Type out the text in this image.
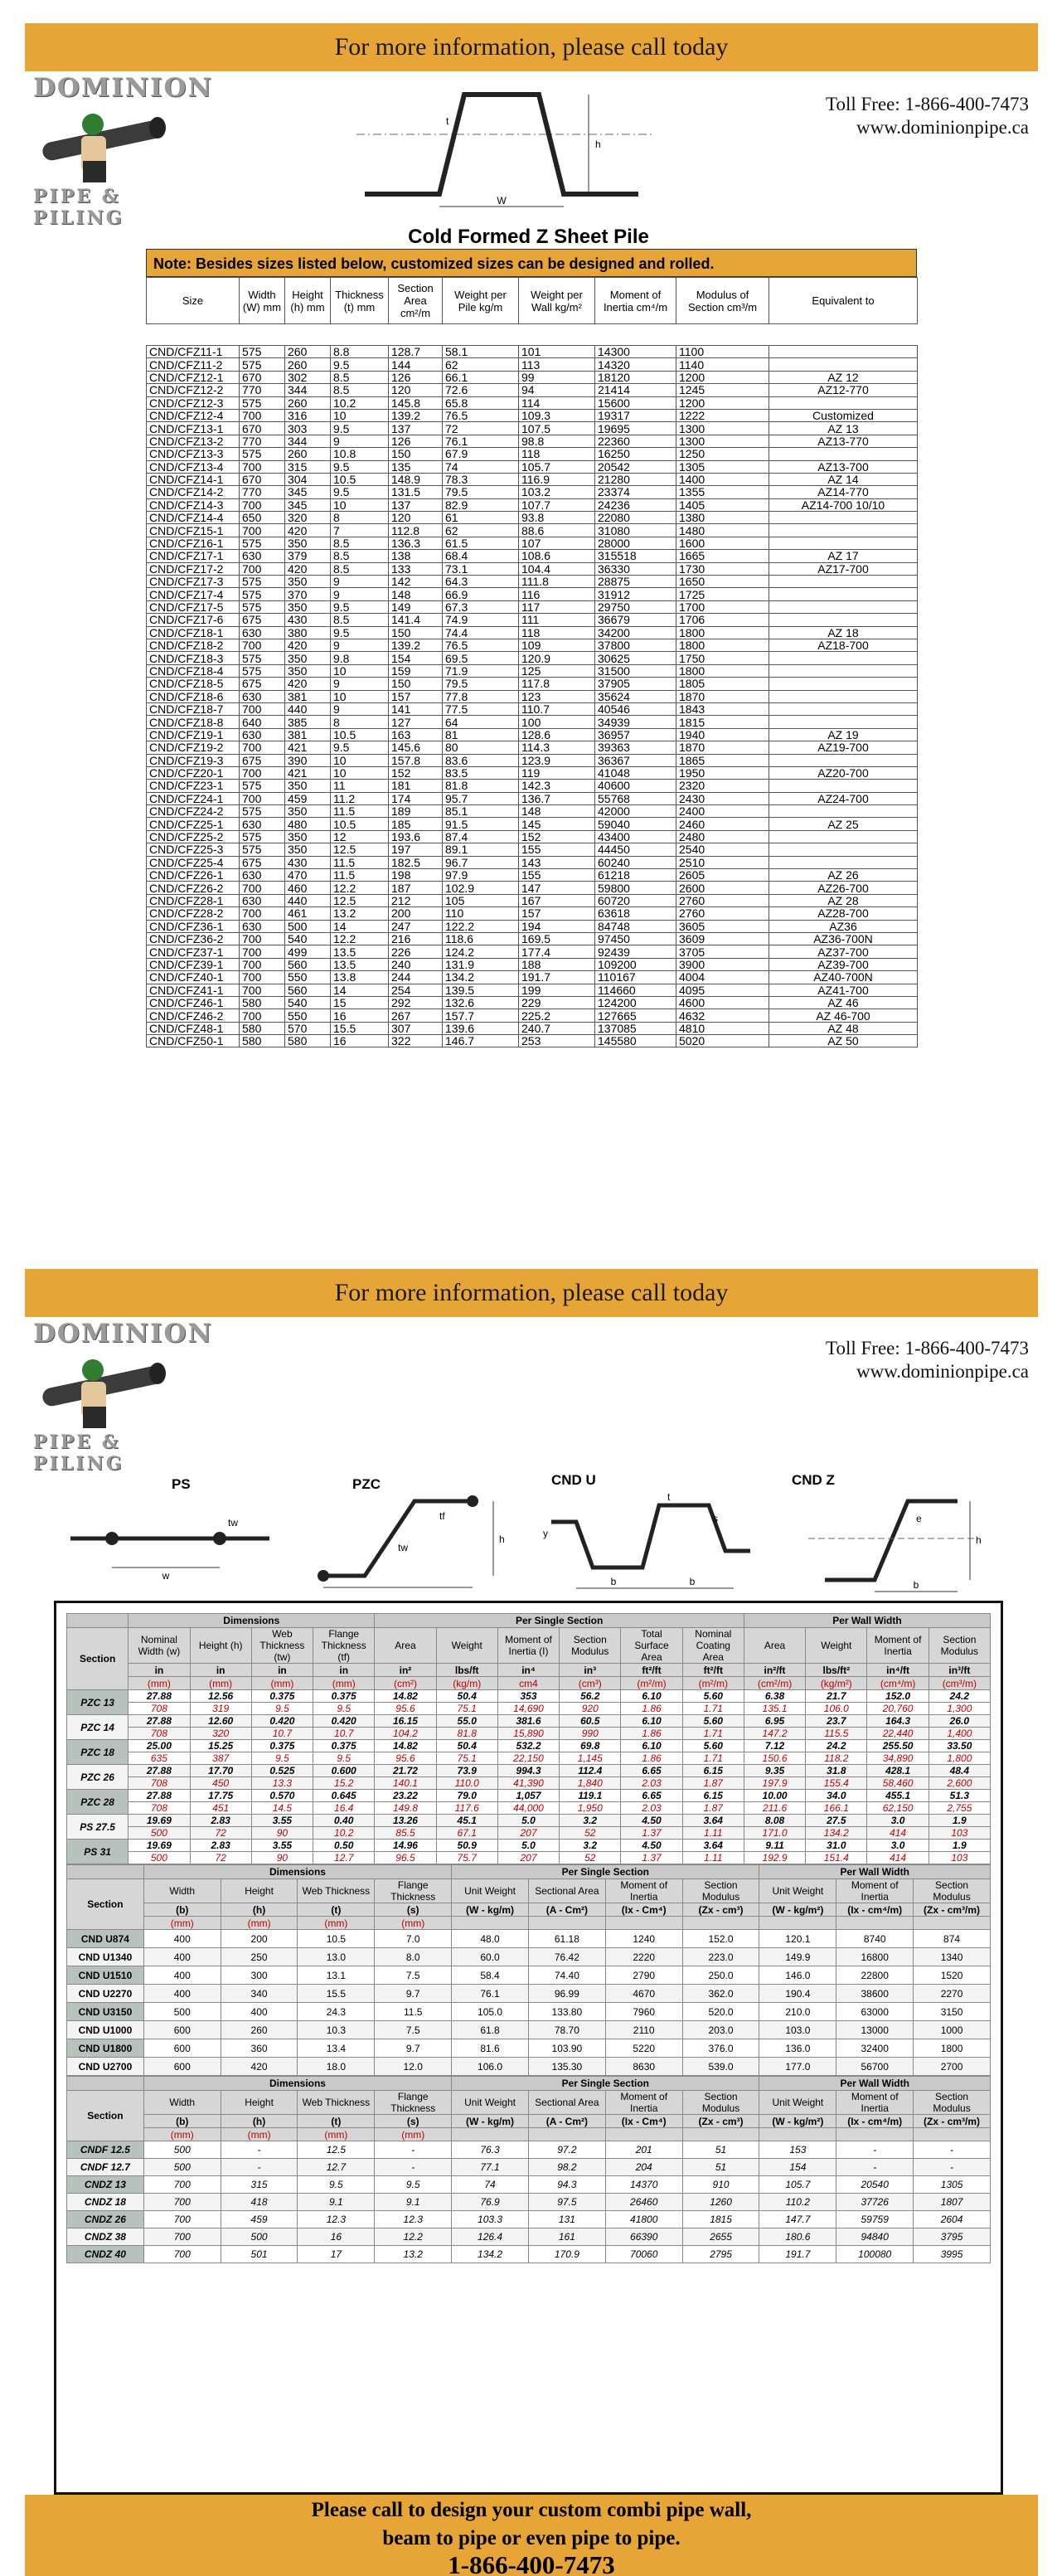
For more information, please call today
DOMINION
PIPE & PILING
Toll Free: 1-866-400-7473
www.dominionpipe.ca
W
h
t
Cold Formed Z Sheet Pile
Note: Besides sizes listed below, customized sizes can be designed and rolled.

Size	Width (W) mm	Height (h) mm	Thickness (t) mm	Section Area cm²/m	Weight per Pile kg/m	Weight per Wall kg/m²	Moment of Inertia cm⁴/m	Modulus of Section cm³/m	Equivalent to
CND/CFZ11-1	575	260	8.8	128.7	58.1	101	14300	1100	
CND/CFZ11-2	575	260	9.5	144	62	113	14320	1140	
CND/CFZ12-1	670	302	8.5	126	66.1	99	18120	1200	AZ 12
CND/CFZ12-2	770	344	8.5	120	72.6	94	21414	1245	AZ12-770
CND/CFZ12-3	575	260	10.2	145.8	65.8	114	15600	1200	
CND/CFZ12-4	700	316	10	139.2	76.5	109.3	19317	1222	Customized
CND/CFZ13-1	670	303	9.5	137	72	107.5	19695	1300	AZ 13
CND/CFZ13-2	770	344	9	126	76.1	98.8	22360	1300	AZ13-770
CND/CFZ13-3	575	260	10.8	150	67.9	118	16250	1250	
CND/CFZ13-4	700	315	9.5	135	74	105.7	20542	1305	AZ13-700
CND/CFZ14-1	670	304	10.5	148.9	78.3	116.9	21280	1400	AZ 14
CND/CFZ14-2	770	345	9.5	131.5	79.5	103.2	23374	1355	AZ14-770
CND/CFZ14-3	700	345	10	137	82.9	107.7	24236	1405	AZ14-700 10/10
CND/CFZ14-4	650	320	8	120	61	93.8	22080	1380	
CND/CFZ15-1	700	420	7	112.8	62	88.6	31080	1480	
CND/CFZ16-1	575	350	8.5	136.3	61.5	107	28000	1600	
CND/CFZ17-1	630	379	8.5	138	68.4	108.6	315518	1665	AZ 17
CND/CFZ17-2	700	420	8.5	133	73.1	104.4	36330	1730	AZ17-700
CND/CFZ17-3	575	350	9	142	64.3	111.8	28875	1650	
CND/CFZ17-4	575	370	9	148	66.9	116	31912	1725	
CND/CFZ17-5	575	350	9.5	149	67.3	117	29750	1700	
CND/CFZ17-6	675	430	8.5	141.4	74.9	111	36679	1706	
CND/CFZ18-1	630	380	9.5	150	74.4	118	34200	1800	AZ 18
CND/CFZ18-2	700	420	9	139.2	76.5	109	37800	1800	AZ18-700
CND/CFZ18-3	575	350	9.8	154	69.5	120.9	30625	1750	
CND/CFZ18-4	575	350	10	159	71.9	125	31500	1800	
CND/CFZ18-5	675	420	9	150	79.5	117.8	37905	1805	
CND/CFZ18-6	630	381	10	157	77.8	123	35624	1870	
CND/CFZ18-7	700	440	9	141	77.5	110.7	40546	1843	
CND/CFZ18-8	640	385	8	127	64	100	34939	1815	
CND/CFZ19-1	630	381	10.5	163	81	128.6	36957	1940	AZ 19
CND/CFZ19-2	700	421	9.5	145.6	80	114.3	39363	1870	AZ19-700
CND/CFZ19-3	675	390	10	157.8	83.6	123.9	36367	1865	
CND/CFZ20-1	700	421	10	152	83.5	119	41048	1950	AZ20-700
CND/CFZ23-1	575	350	11	181	81.8	142.3	40600	2320	
CND/CFZ24-1	700	459	11.2	174	95.7	136.7	55768	2430	AZ24-700
CND/CFZ24-2	575	350	11.5	189	85.1	148	42000	2400	
CND/CFZ25-1	630	480	10.5	185	91.5	145	59040	2460	AZ 25
CND/CFZ25-2	575	350	12	193.6	87.4	152	43400	2480	
CND/CFZ25-3	575	350	12.5	197	89.1	155	44450	2540	
CND/CFZ25-4	675	430	11.5	182.5	96.7	143	60240	2510	
CND/CFZ26-1	630	470	11.5	198	97.9	155	61218	2605	AZ 26
CND/CFZ26-2	700	460	12.2	187	102.9	147	59800	2600	AZ26-700
CND/CFZ28-1	630	440	12.5	212	105	167	60720	2760	AZ 28
CND/CFZ28-2	700	461	13.2	200	110	157	63618	2760	AZ28-700
CND/CFZ36-1	630	500	14	247	122.2	194	84748	3605	AZ36
CND/CFZ36-2	700	540	12.2	216	118.6	169.5	97450	3609	AZ36-700N
CND/CFZ37-1	700	499	13.5	226	124.2	177.4	92439	3705	AZ37-700
CND/CFZ39-1	700	560	13.5	240	131.9	188	109200	3900	AZ39-700
CND/CFZ40-1	700	550	13.8	244	134.2	191.7	110167	4004	AZ40-700N
CND/CFZ41-1	700	560	14	254	139.5	199	114660	4095	AZ41-700
CND/CFZ46-1	580	540	15	292	132.6	229	124200	4600	AZ 46
CND/CFZ46-2	700	550	16	267	157.7	225.2	127665	4632	AZ 46-700
CND/CFZ48-1	580	570	15.5	307	139.6	240.7	137085	4810	AZ 48
CND/CFZ50-1	580	580	16	322	146.7	253	145580	5020	AZ 50
For more information, please call today
DOMINION
PIPE & PILING
Toll Free: 1-866-400-7473
www.dominionpipe.ca
PS
w
tw
PZC
h
tw
tf
CND U
b	b
y
t
s
CND Z
h
e
b
	Dimensions				Per Single Section						Per Wall Width			
Section	Nominal Width (w)	Height (h)	Web Thickness (tw)	Flange Thickness (tf)	Area	Weight	Moment of Inertia (I)	Section Modulus	Total Surface Area	Nominal Coating Area	Area	Weight	Moment of Inertia	Section Modulus
	in	in	in	in	in²	lbs/ft	in⁴	in³	ft²/ft	ft²/ft	in²/ft	lbs/ft²	in⁴/ft	in³/ft
	(mm)	(mm)	(mm)	(mm)	(cm²)	(kg/m)	cm4	(cm³)	(m²/m)	(m²/m)	(cm²/m)	(kg/m²)	(cm⁴/m)	(cm³/m)
PZC 13	27.88	12.56	0.375	0.375	14.82	50.4	353	56.2	6.10	5.60	6.38	21.7	152.0	24.2
	708	319	9.5	9.5	95.6	75.1	14,690	920	1.86	1.71	135.1	106.0	20,760	1,300
PZC 14	27.88	12.60	0.420	0.420	16.15	55.0	381.6	60.5	6.10	5.60	6.95	23.7	164.3	26.0
	708	320	10.7	10.7	104.2	81.8	15,890	990	1.86	1.71	147.2	115.5	22,440	1,400
PZC 18	25.00	15.25	0.375	0.375	14.82	50.4	532.2	69.8	6.10	5.60	7.12	24.2	255.50	33.50
	635	387	9.5	9.5	95.6	75.1	22,150	1,145	1.86	1.71	150.6	118.2	34,890	1,800
PZC 26	27.88	17.70	0.525	0.600	21.72	73.9	994.3	112.4	6.65	6.15	9.35	31.8	428.1	48.4
	708	450	13.3	15.2	140.1	110.0	41,390	1,840	2.03	1.87	197.9	155.4	58,460	2,600
PZC 28	27.88	17.75	0.570	0.645	23.22	79.0	1,057	119.1	6.65	6.15	10.00	34.0	455.1	51.3
	708	451	14.5	16.4	149.8	117.6	44,000	1,950	2.03	1.87	211.6	166.1	62,150	2,755
PS 27.5	19.69	2.83	3.55	0.40	13.26	45.1	5.0	3.2	4.50	3.64	8.08	27.5	3.0	1.9
	500	72	90	10.2	85.5	67.1	207	52	1.37	1.11	171.0	134.2	414	103
PS 31	19.69	2.83	3.55	0.50	14.96	50.9	5.0	3.2	4.50	3.64	9.11	31.0	3.0	1.9
	500	72	90	12.7	96.5	75.7	207	52	1.37	1.11	192.9	151.4	414	103
	Dimensions				Per Single Section				Per Wall Width		
Section	Width	Height	Web Thickness	Flange Thickness	Unit Weight	Sectional Area	Moment of Inertia	Section Modulus	Unit Weight	Moment of Inertia	Section Modulus
	(b)	(h)	(t)	(s)	(W - kg/m)	(A - Cm²)	(Ix - Cm⁴)	(Zx - cm³)	(W - kg/m²)	(Ix - cm⁴/m)	(Zx - cm³/m)
	(mm)	(mm)	(mm)	(mm)							
CND U874	400	200	10.5	7.0	48.0	61.18	1240	152.0	120.1	8740	874
CND U1340	400	250	13.0	8.0	60.0	76.42	2220	223.0	149.9	16800	1340
CND U1510	400	300	13.1	7.5	58.4	74.40	2790	250.0	146.0	22800	1520
CND U2270	400	340	15.5	9.7	76.1	96.99	4670	362.0	190.4	38600	2270
CND U3150	500	400	24.3	11.5	105.0	133.80	7960	520.0	210.0	63000	3150
CND U1000	600	260	10.3	7.5	61.8	78.70	2110	203.0	103.0	13000	1000
CND U1800	600	360	13.4	9.7	81.6	103.90	5220	376.0	136.0	32400	1800
CND U2700	600	420	18.0	12.0	106.0	135.30	8630	539.0	177.0	56700	2700
	Dimensions				Per Single Section				Per Wall Width		
Section	Width	Height	Web Thickness	Flange Thickness	Unit Weight	Sectional Area	Moment of Inertia	Section Modulus	Unit Weight	Moment of Inertia	Section Modulus
	(b)	(h)	(t)	(s)	(W - kg/m)	(A - Cm²)	(Ix - Cm⁴)	(Zx - cm³)	(W - kg/m²)	(Ix - cm⁴/m)	(Zx - cm³/m)
	(mm)	(mm)	(mm)	(mm)							
CNDF 12.5	500	-	12.5	-	76.3	97.2	201	51	153	-	-
CNDF 12.7	500	-	12.7	-	77.1	98.2	204	51	154	-	-
CNDZ 13	700	315	9.5	9.5	74	94.3	14370	910	105.7	20540	1305
CNDZ 18	700	418	9.1	9.1	76.9	97.5	26460	1260	110.2	37726	1807
CNDZ 26	700	459	12.3	12.3	103.3	131	41800	1815	147.7	59759	2604
CNDZ 38	700	500	16	12.2	126.4	161	66390	2655	180.6	94840	3795
CNDZ 40	700	501	17	13.2	134.2	170.9	70060	2795	191.7	100080	3995
Please call to design your custom combi pipe wall,
beam to pipe or even pipe to pipe.
1-866-400-7473
